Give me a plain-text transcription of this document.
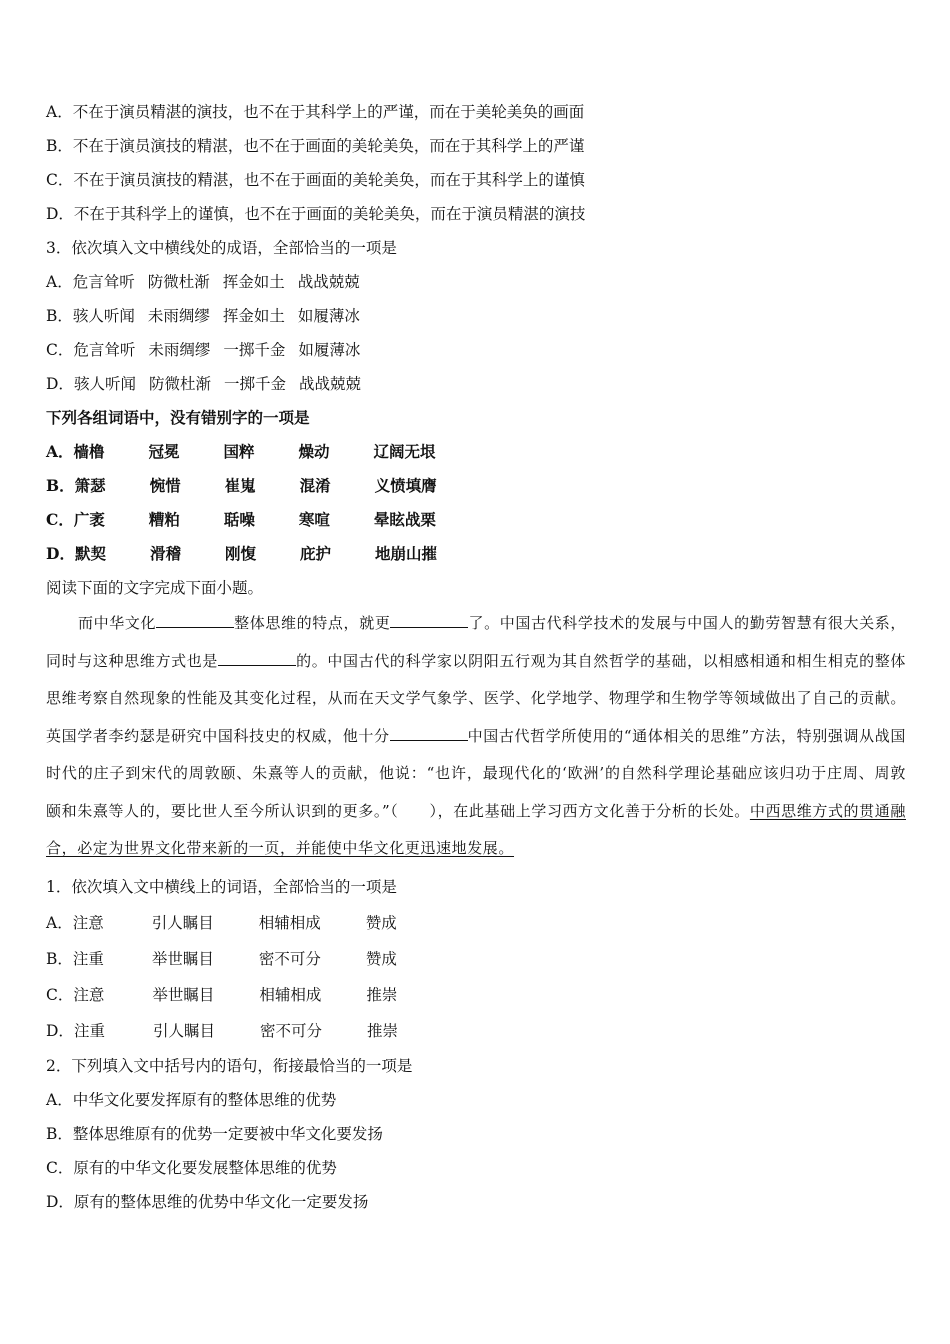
A．不在于演员精湛的演技，也不在于其科学上的严谨，而在于美轮美奂的画面
B．不在于演员演技的精湛，也不在于画面的美轮美奂，而在于其科学上的严谨
C．不在于演员演技的精湛，也不在于画面的美轮美奂，而在于其科学上的谨慎
D．不在于其科学上的谨慎，也不在于画面的美轮美奂，而在于演员精湛的演技
3．依次填入文中横线处的成语，全部恰当的一项是
A．危言耸听 防微杜渐 挥金如土 战战兢兢
B．骇人听闻 未雨绸缪 挥金如土 如履薄冰
C．危言耸听 未雨绸缪 一掷千金 如履薄冰
D．骇人听闻 防微杜渐 一掷千金 战战兢兢
下列各组词语中，没有错别字的一项是
A．樯橹	冠冕	国粹	燥动	辽阔无垠
B．箫瑟	惋惜	崔嵬	混淆	义愤填膺
C．广袤	糟粕	聒噪	寒喧	晕眩战栗
D．默契	滑稽	刚愎	庇护	地崩山摧
阅读下面的文字完成下面小题。

而中华文化	整体思维的特点，就更	了。中国古代科学技术的发展与中国人的勤劳智慧有很大关系，同时与这种思维方式也是	的。中国古代的科学家以阴阳五行观为其自然哲学的基础，以相感相通和相生相克的整体思维考察自然现象的性能及其变化过程，从而在天文学气象学、医学、化学地学、物理学和生物学等领域做出了自己的贡献。英国学者李约瑟是研究中国科技史的权威，他十分	中国古代哲学所使用的“通体相关的思维”方法，特别强调从战国时代的庄子到宋代的周敦颐、朱熹等人的贡献，他说：“也许，最现代化的‘欧洲’的自然科学理论基础应该归功于庄周、周敦颐和朱熹等人的，要比世人至今所认识到的更多。”（　　），在此基础上学习西方文化善于分析的长处。中西思维方式的贯通融合，必定为世界文化带来新的一页，并能使中华文化更迅速地发展。

1．依次填入文中横线上的词语，全部恰当的一项是
A．注意	引人瞩目	相辅相成	赞成
B．注重	举世瞩目	密不可分	赞成
C．注意	举世瞩目	相辅相成	推崇
D．注重	引人瞩目	密不可分	推崇
2．下列填入文中括号内的语句，衔接最恰当的一项是
A．中华文化要发挥原有的整体思维的优势
B．整体思维原有的优势一定要被中华文化要发扬
C．原有的中华文化要发展整体思维的优势
D．原有的整体思维的优势中华文化一定要发扬
